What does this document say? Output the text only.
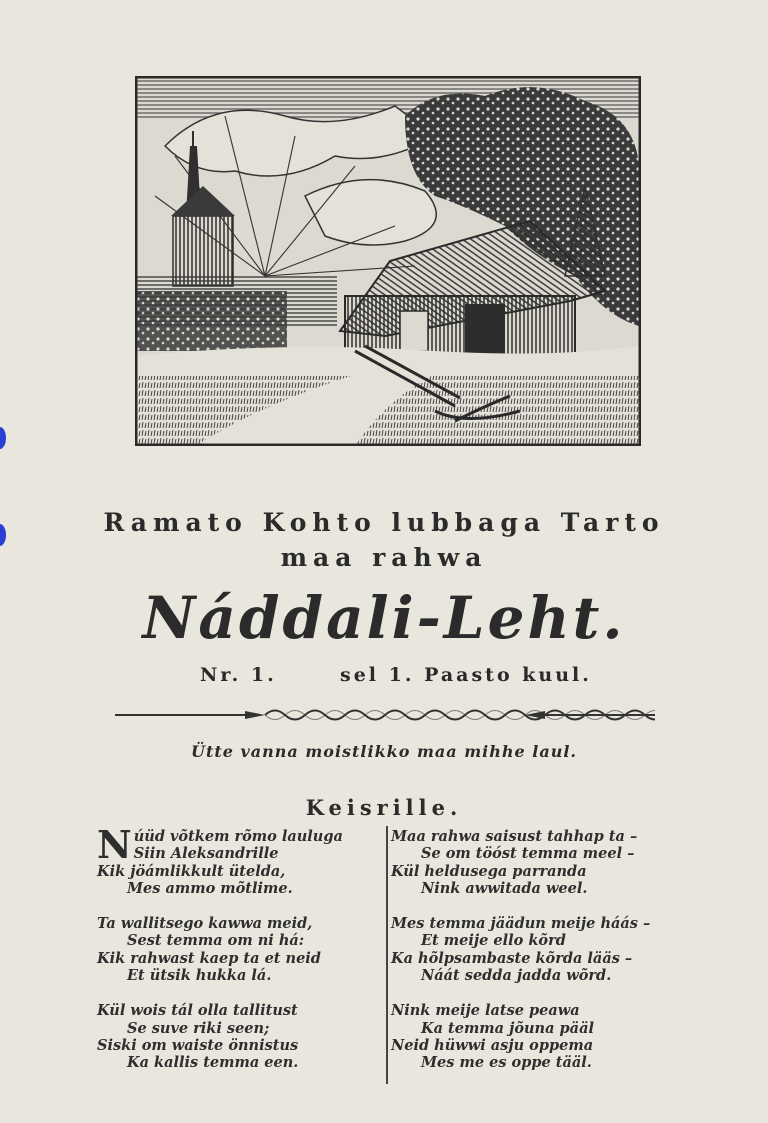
Ramato Kohto lubbaga Tarto
maa rahwa
Náddali-Leht.
Nr. 1.	sel 1. Paasto kuul.
Ütte vanna moistlikko maa mihhe laul.
Keisrille.
N úüd võtkem rõmo lauluga
Siin Aleksandrille
Kik jöámlikkult ütelda,
Mes ammo mõtlime.
Ta wallitsego kawwa meid,
Sest temma om ni há:
Kik rahwast kaep ta et neid
Et ütsik hukka lá.
Kül wois tál olla tallitust
Se suve riki seen;
Siski om waiste önnistus
Ka kallis temma een.
Maa rahwa saisust tahhap ta –
Se om töóst temma meel –
Kül heldusega parranda
Nink awwitada weel.
Mes temma jäädun meije háás –
Et meije ello kõrd
Ka hõlpsambaste kõrda lääs –
Náát sedda jadda wõrd.
Nink meije latse peawa
Ka temma jõuna pääl
Neid hüwwi asju oppema
Mes me es oppe tääl.
